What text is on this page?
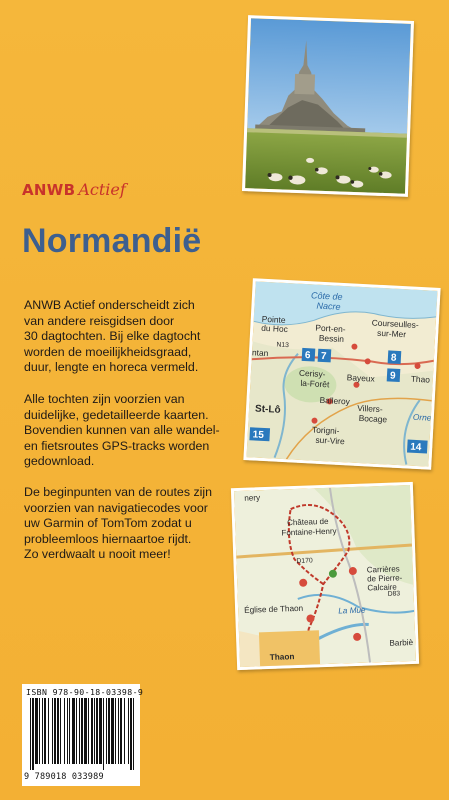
ANWB Actief
Normandië
ANWB Actief onderscheidt zich
van andere reisgidsen door
30 dagtochten. Bij elke dagtocht
worden de moeilijkheidsgraad,
duur, lengte en horeca vermeld.
Alle tochten zijn voorzien van
duidelijke, gedetailleerde kaarten.
Bovendien kunnen van alle wandel-
en fietsroutes GPS-tracks worden
gedownload.
De beginpunten van de routes zijn
voorzien van navigatiecodes voor
uw Garmin of TomTom zodat u
probleemloos hiernaartoe rijdt.
Zo verdwaalt u nooit meer!
6 7	8
9
15
14
Côte de
Nacre
Pointe
du Hoc	Port-en-
Bessin
Courseulles-
sur-Mer
Thao
ntan
Cerisy-
la-Forêt Bayeux
Balleroy
Villers-
Bocage
St-Lô
Torigni-
sur-Vire
Orne
N13
nery
Château de
Fontaine-Henry
Carrières
de Pierre-
Calcaire
Église de Thaon	La Mue
Barbiè
Thaon
D170
D83
ISBN 978-90-18-03398-9
9 789018 033989
